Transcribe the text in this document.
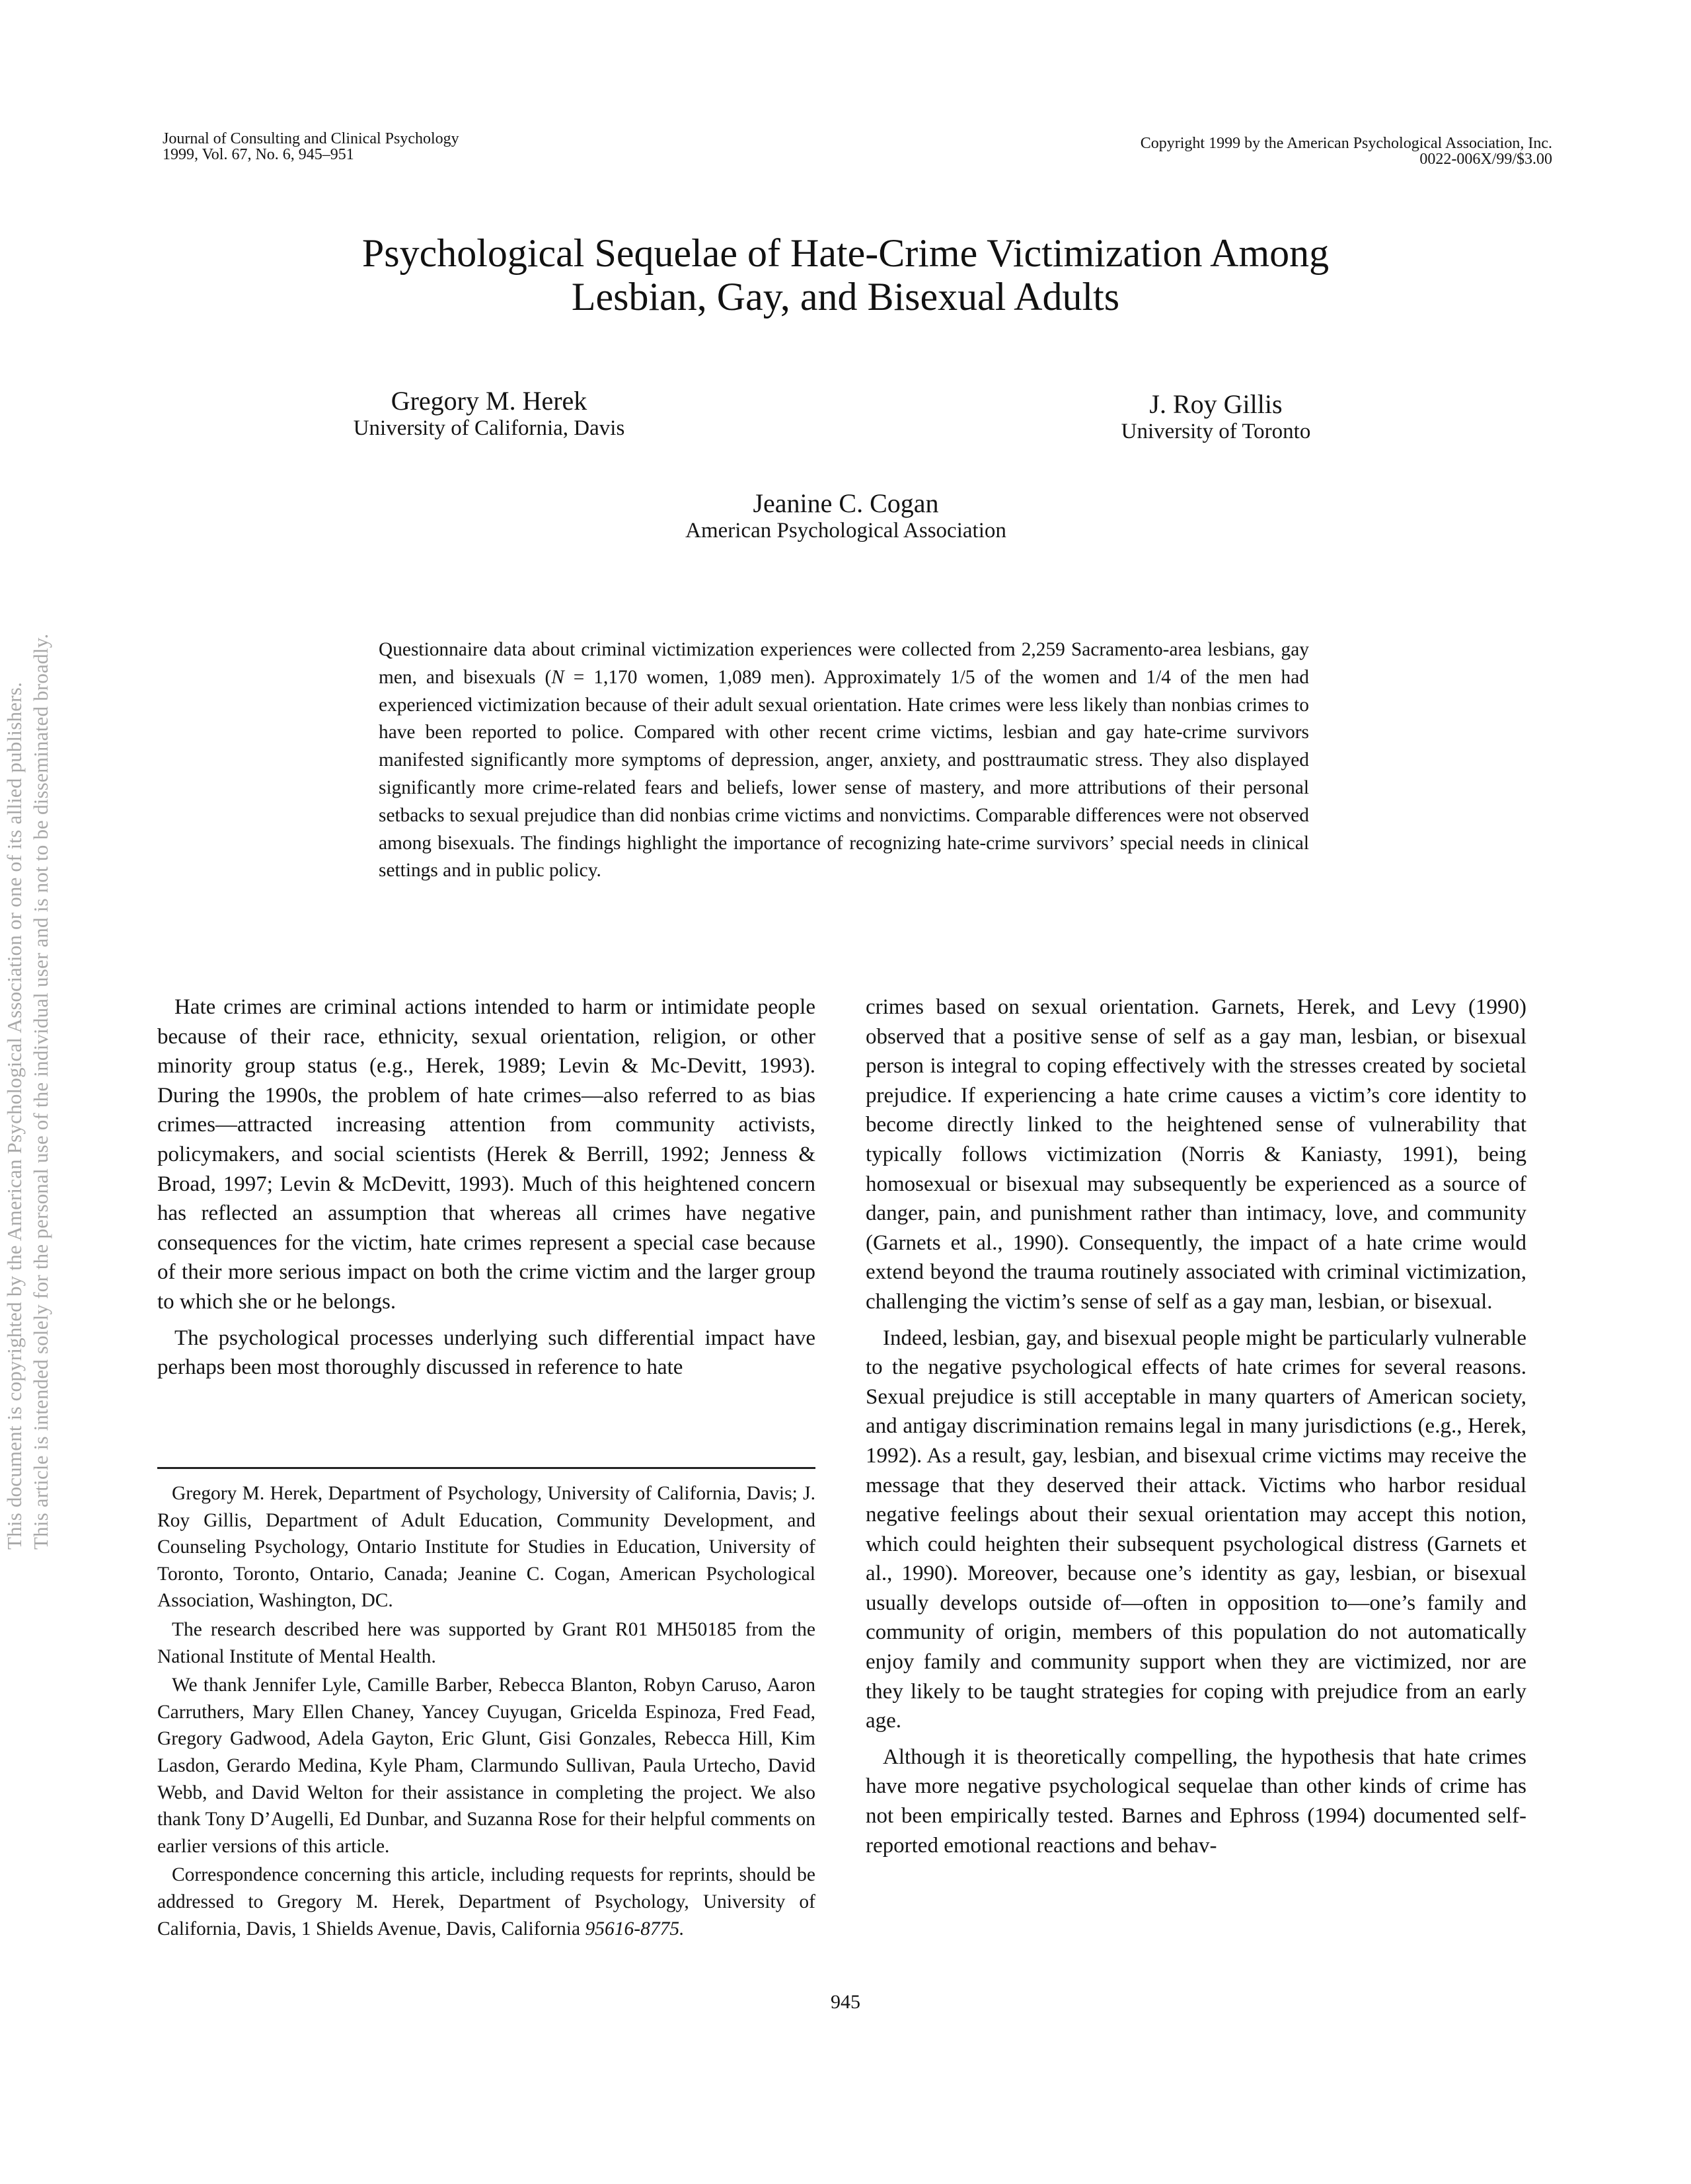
This document is copyrighted by the American Psychological Association or one of its allied publishers. This article is intended solely for the personal use of the individual user and is not to be disseminated broadly.
Journal of Consulting and Clinical Psychology
1999, Vol. 67, No. 6, 945–951
Copyright 1999 by the American Psychological Association, Inc.
0022-006X/99/$3.00
Psychological Sequelae of Hate-Crime Victimization Among
Lesbian, Gay, and Bisexual Adults
Gregory M. Herek
University of California, Davis
J. Roy Gillis
University of Toronto
Jeanine C. Cogan
American Psychological Association
Questionnaire data about criminal victimization experiences were collected from 2,259 Sacramento-area lesbians, gay men, and bisexuals (N = 1,170 women, 1,089 men). Approximately 1/5 of the women and 1/4 of the men had experienced victimization because of their adult sexual orientation. Hate crimes were less likely than nonbias crimes to have been reported to police. Compared with other recent crime victims, lesbian and gay hate-crime survivors manifested significantly more symptoms of depression, anger, anxiety, and posttraumatic stress. They also displayed significantly more crime-related fears and beliefs, lower sense of mastery, and more attributions of their personal setbacks to sexual prejudice than did nonbias crime victims and nonvictims. Comparable differences were not observed among bisexuals. The findings highlight the importance of recognizing hate-crime survivors’ special needs in clinical settings and in public policy.

Hate crimes are criminal actions intended to harm or intimidate people because of their race, ethnicity, sexual orientation, religion, or other minority group status (e.g., Herek, 1989; Levin & Mc-Devitt, 1993). During the 1990s, the problem of hate crimes—also referred to as bias crimes—attracted increasing attention from community activists, policymakers, and social scientists (Herek & Berrill, 1992; Jenness & Broad, 1997; Levin & McDevitt, 1993). Much of this heightened concern has reflected an assumption that whereas all crimes have negative consequences for the victim, hate crimes represent a special case because of their more serious impact on both the crime victim and the larger group to which she or he belongs.

The psychological processes underlying such differential impact have perhaps been most thoroughly discussed in reference to hate

Gregory M. Herek, Department of Psychology, University of California, Davis; J. Roy Gillis, Department of Adult Education, Community Development, and Counseling Psychology, Ontario Institute for Studies in Education, University of Toronto, Toronto, Ontario, Canada; Jeanine C. Cogan, American Psychological Association, Washington, DC.

The research described here was supported by Grant R01 MH50185 from the National Institute of Mental Health.

We thank Jennifer Lyle, Camille Barber, Rebecca Blanton, Robyn Caruso, Aaron Carruthers, Mary Ellen Chaney, Yancey Cuyugan, Gricelda Espinoza, Fred Fead, Gregory Gadwood, Adela Gayton, Eric Glunt, Gisi Gonzales, Rebecca Hill, Kim Lasdon, Gerardo Medina, Kyle Pham, Clarmundo Sullivan, Paula Urtecho, David Webb, and David Welton for their assistance in completing the project. We also thank Tony D’Augelli, Ed Dunbar, and Suzanna Rose for their helpful comments on earlier versions of this article.

Correspondence concerning this article, including requests for reprints, should be addressed to Gregory M. Herek, Department of Psychology, University of California, Davis, 1 Shields Avenue, Davis, California 95616-8775.

crimes based on sexual orientation. Garnets, Herek, and Levy (1990) observed that a positive sense of self as a gay man, lesbian, or bisexual person is integral to coping effectively with the stresses created by societal prejudice. If experiencing a hate crime causes a victim’s core identity to become directly linked to the heightened sense of vulnerability that typically follows victimization (Norris & Kaniasty, 1991), being homosexual or bisexual may subsequently be experienced as a source of danger, pain, and punishment rather than intimacy, love, and community (Garnets et al., 1990). Consequently, the impact of a hate crime would extend beyond the trauma routinely associated with criminal victimization, challenging the victim’s sense of self as a gay man, lesbian, or bisexual.

Indeed, lesbian, gay, and bisexual people might be particularly vulnerable to the negative psychological effects of hate crimes for several reasons. Sexual prejudice is still acceptable in many quarters of American society, and antigay discrimination remains legal in many jurisdictions (e.g., Herek, 1992). As a result, gay, lesbian, and bisexual crime victims may receive the message that they deserved their attack. Victims who harbor residual negative feelings about their sexual orientation may accept this notion, which could heighten their subsequent psychological distress (Garnets et al., 1990). Moreover, because one’s identity as gay, lesbian, or bisexual usually develops outside of—often in opposition to—one’s family and community of origin, members of this population do not automatically enjoy family and community support when they are victimized, nor are they likely to be taught strategies for coping with prejudice from an early age.

Although it is theoretically compelling, the hypothesis that hate crimes have more negative psychological sequelae than other kinds of crime has not been empirically tested. Barnes and Ephross (1994) documented self-reported emotional reactions and behav-

945
